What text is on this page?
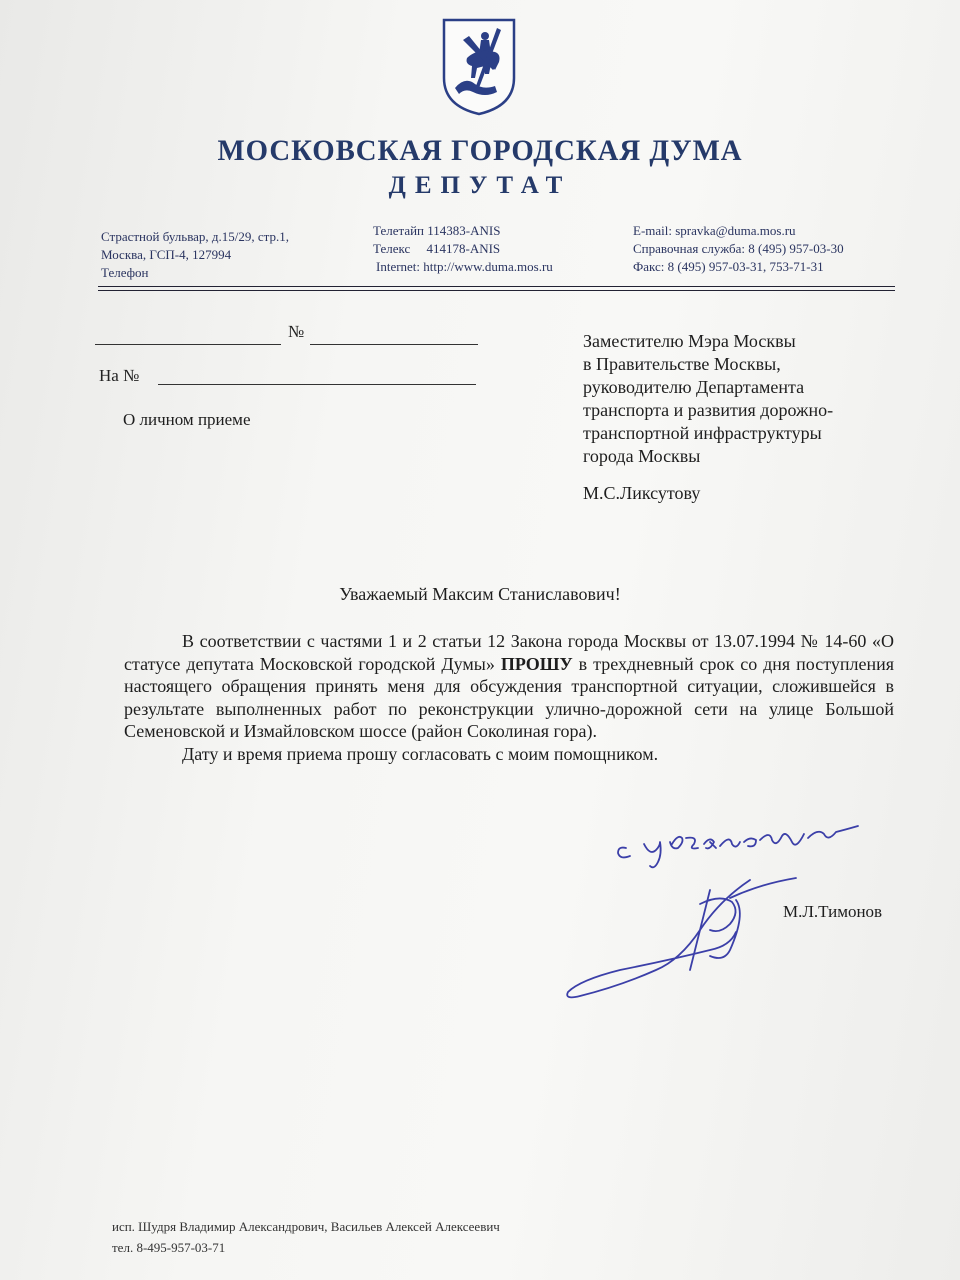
МОСКОВСКАЯ ГОРОДСКАЯ ДУМА
ДЕПУТАТ
Страстной бульвар, д.15/29, стр.1,
Москва, ГСП-4, 127994
Телефон
Телетайп 114383-ANIS
Телекс     414178-ANIS
Internet: http://www.duma.mos.ru
E-mail: spravka@duma.mos.ru
Справочная служба: 8 (495) 957-03-30
Факс: 8 (495) 957-03-31, 753-71-31
№
На №
О личном приеме
Заместителю Мэра Москвы
в Правительстве Москвы,
руководителю Департамента
транспорта и развития дорожно-
транспортной инфраструктуры
города Москвы
М.С.Ликсутову
Уважаемый Максим Станиславович!

В соответствии с частями 1 и 2 статьи 12 Закона города Москвы от 13.07.1994 № 14-60 «О статусе депутата Московской городской Думы» ПРОШУ в трехдневный срок со дня поступления настоящего обращения принять меня для обсуждения транспортной ситуации, сложившейся в результате выполненных работ по реконструкции улично-дорожной сети на улице Большой Семеновской и Измайловском шоссе (район Соколиная гора).

Дату и время приема прошу согласовать с моим помощником.

М.Л.Тимонов
исп. Шудря Владимир Александрович, Васильев Алексей Алексеевич
тел. 8-495-957-03-71
